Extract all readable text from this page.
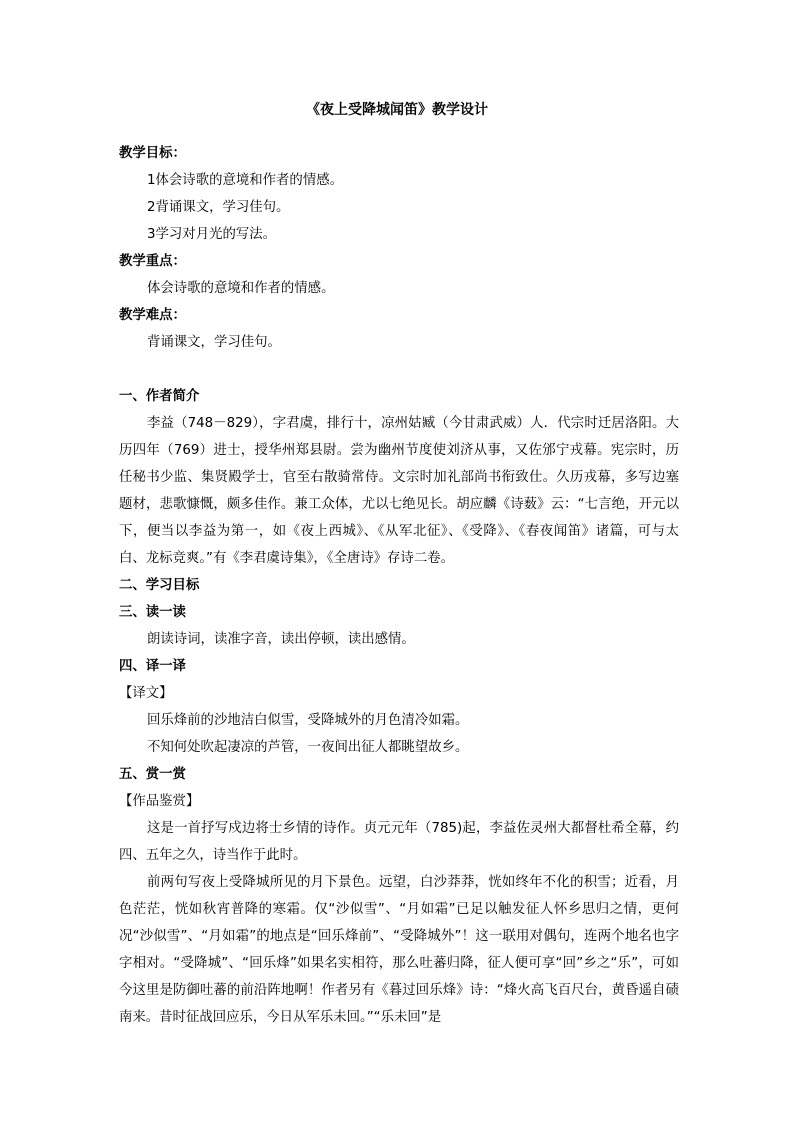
《夜上受降城闻笛》教学设计
教学目标：
1体会诗歌的意境和作者的情感。
2背诵课文，学习佳句。
3学习对月光的写法。
教学重点：
体会诗歌的意境和作者的情感。
教学难点：
背诵课文，学习佳句。
一、作者简介
李益（748－829），字君虞，排行十，凉州姑臧（今甘肃武威）人．代宗时迁居洛阳。大历四年（769）进士，授华州郑县尉。尝为幽州节度使刘济从事，又佐邠宁戎幕。宪宗时，历任秘书少监、集贤殿学士，官至右散骑常侍。文宗时加礼部尚书衔致仕。久历戎幕，多写边塞题材，悲歌慷慨，颇多佳作。兼工众体，尤以七绝见长。胡应麟《诗薮》云：“七言绝，开元以下，便当以李益为第一，如《夜上西城》、《从军北征》、《受降》、《春夜闻笛》诸篇，可与太白、龙标竞爽。”有《李君虞诗集》，《全唐诗》存诗二卷。
二、学习目标
三、读一读
朗读诗词，读准字音，读出停顿，读出感情。
四、译一译
【译文】
回乐烽前的沙地洁白似雪，受降城外的月色清冷如霜。
不知何处吹起凄凉的芦管，一夜间出征人都眺望故乡。
五、赏一赏
【作品鉴赏】
这是一首抒写戍边将士乡情的诗作。贞元元年（785)起，李益佐灵州大都督杜希全幕，约四、五年之久，诗当作于此时。
前两句写夜上受降城所见的月下景色。远望，白沙莽莽，恍如终年不化的积雪；近看，月色茫茫，恍如秋宵普降的寒霜。仅“沙似雪”、“月如霜”已足以触发征人怀乡思归之情，更何况“沙似雪”、“月如霜”的地点是“回乐烽前”、“受降城外”！这一联用对偶句，连两个地名也字字相对。“受降城”、“回乐烽”如果名实相符，那么吐蕃归降，征人便可享“回”乡之“乐”，可如今这里是防御吐蕃的前沿阵地啊！作者另有《暮过回乐烽》诗：“烽火高飞百尺台，黄昏遥自碛南来。昔时征战回应乐，今日从军乐未回。”“乐未回”是
